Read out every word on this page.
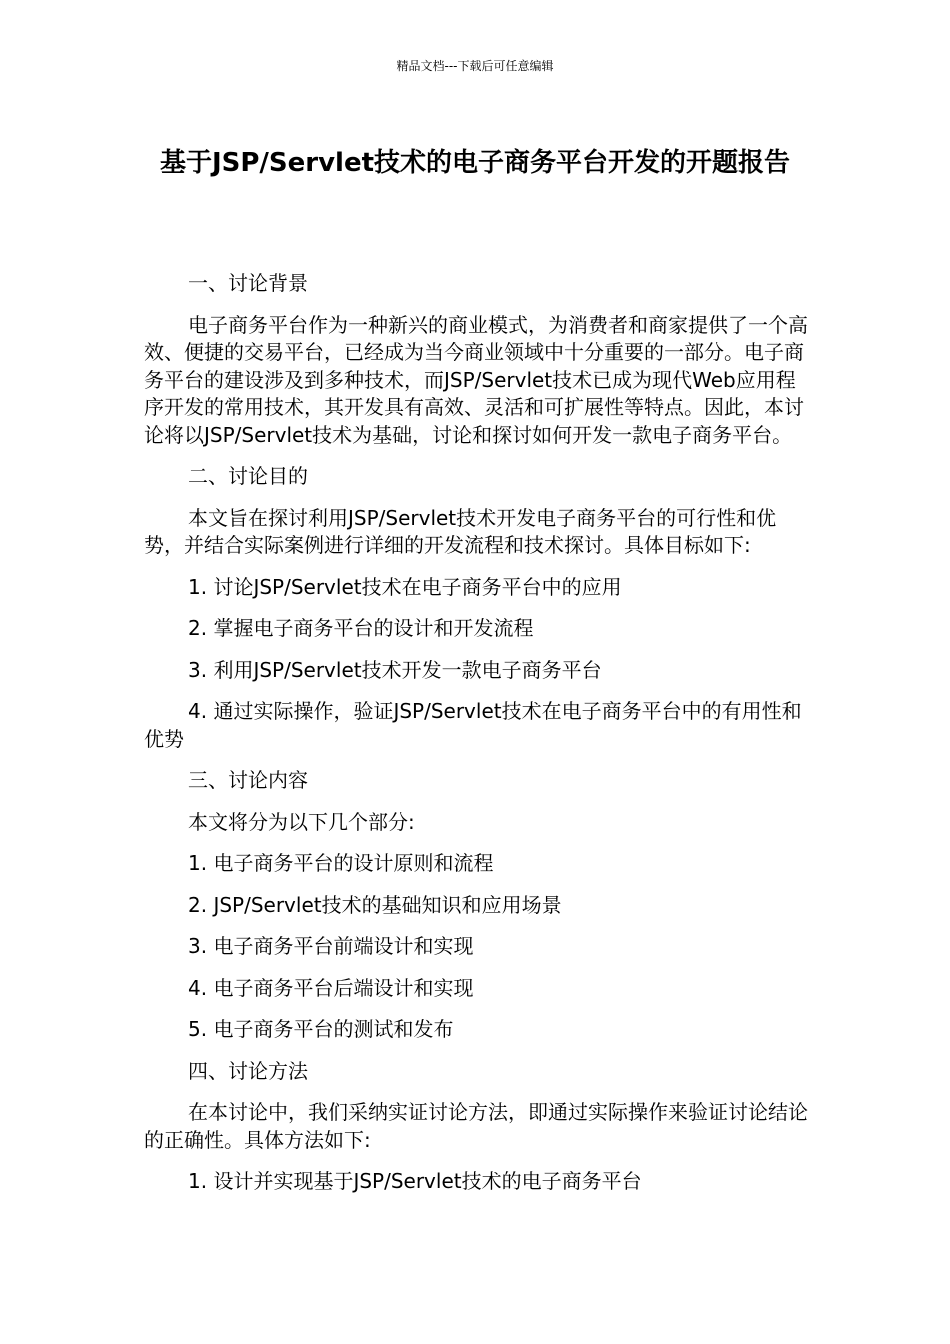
精品文档---下载后可任意编辑
基于JSP/Servlet技术的电子商务平台开发的开题报告

一、讨论背景

电子商务平台作为一种新兴的商业模式，为消费者和商家提供了一个高效、便捷的交易平台，已经成为当今商业领域中十分重要的一部分。电子商务平台的建设涉及到多种技术，而JSP/Servlet技术已成为现代Web应用程序开发的常用技术，其开发具有高效、灵活和可扩展性等特点。因此，本讨论将以JSP/Servlet技术为基础，讨论和探讨如何开发一款电子商务平台。

二、讨论目的

本文旨在探讨利用JSP/Servlet技术开发电子商务平台的可行性和优势，并结合实际案例进行详细的开发流程和技术探讨。具体目标如下:

1. 讨论JSP/Servlet技术在电子商务平台中的应用

2. 掌握电子商务平台的设计和开发流程

3. 利用JSP/Servlet技术开发一款电子商务平台

4. 通过实际操作，验证JSP/Servlet技术在电子商务平台中的有用性和优势

三、讨论内容

本文将分为以下几个部分:

1. 电子商务平台的设计原则和流程

2. JSP/Servlet技术的基础知识和应用场景

3. 电子商务平台前端设计和实现

4. 电子商务平台后端设计和实现

5. 电子商务平台的测试和发布

四、讨论方法

在本讨论中，我们采纳实证讨论方法，即通过实际操作来验证讨论结论的正确性。具体方法如下:

1. 设计并实现基于JSP/Servlet技术的电子商务平台
